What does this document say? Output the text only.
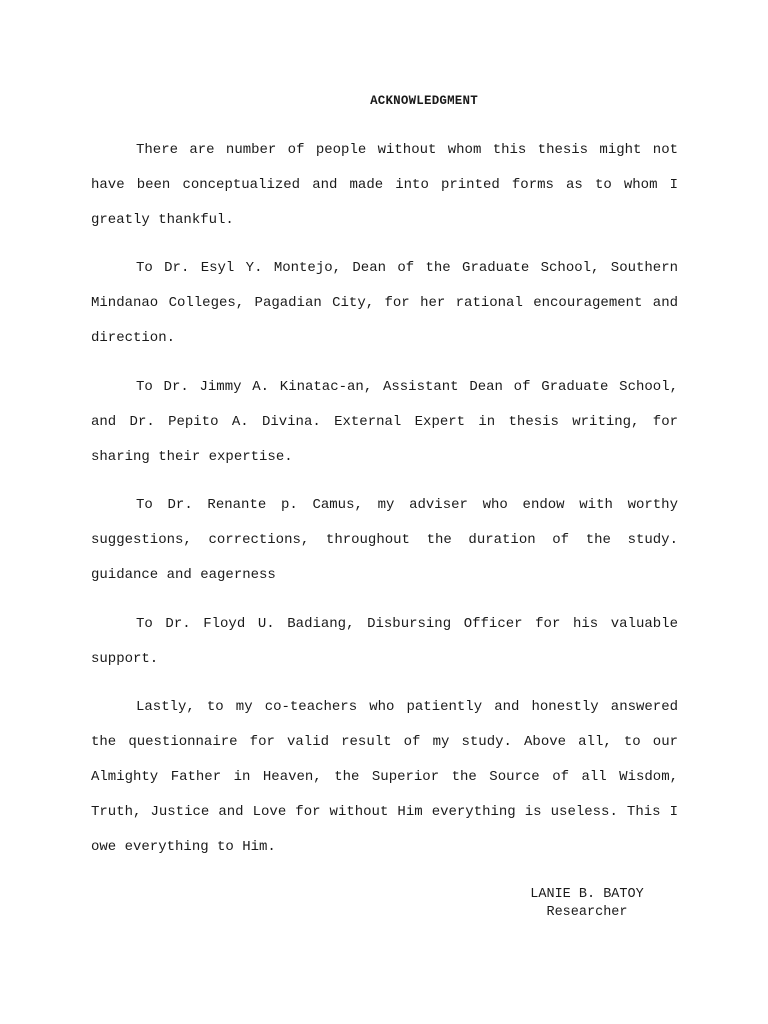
ACKNOWLEDGMENT

There are number of people without whom this thesis might not have been conceptualized and made into printed forms as to whom I greatly thankful.

To Dr. Esyl Y. Montejo, Dean of the Graduate School, Southern Mindanao Colleges, Pagadian City, for her rational encouragement and direction.

To Dr. Jimmy A. Kinatac-an, Assistant Dean of Graduate School, and Dr. Pepito A. Divina. External Expert in thesis writing, for sharing their expertise.

To Dr. Renante p. Camus, my adviser who endow with worthy suggestions, corrections, throughout the duration of the study. guidance and eagerness

To Dr. Floyd U. Badiang, Disbursing Officer for his valuable support.

Lastly, to my co-teachers who patiently and honestly answered the questionnaire for valid result of my study. Above all, to our Almighty Father in Heaven, the Superior the Source of all Wisdom, Truth, Justice and Love for without Him everything is useless. This I owe everything to Him.

LANIE B. BATOY
Researcher
